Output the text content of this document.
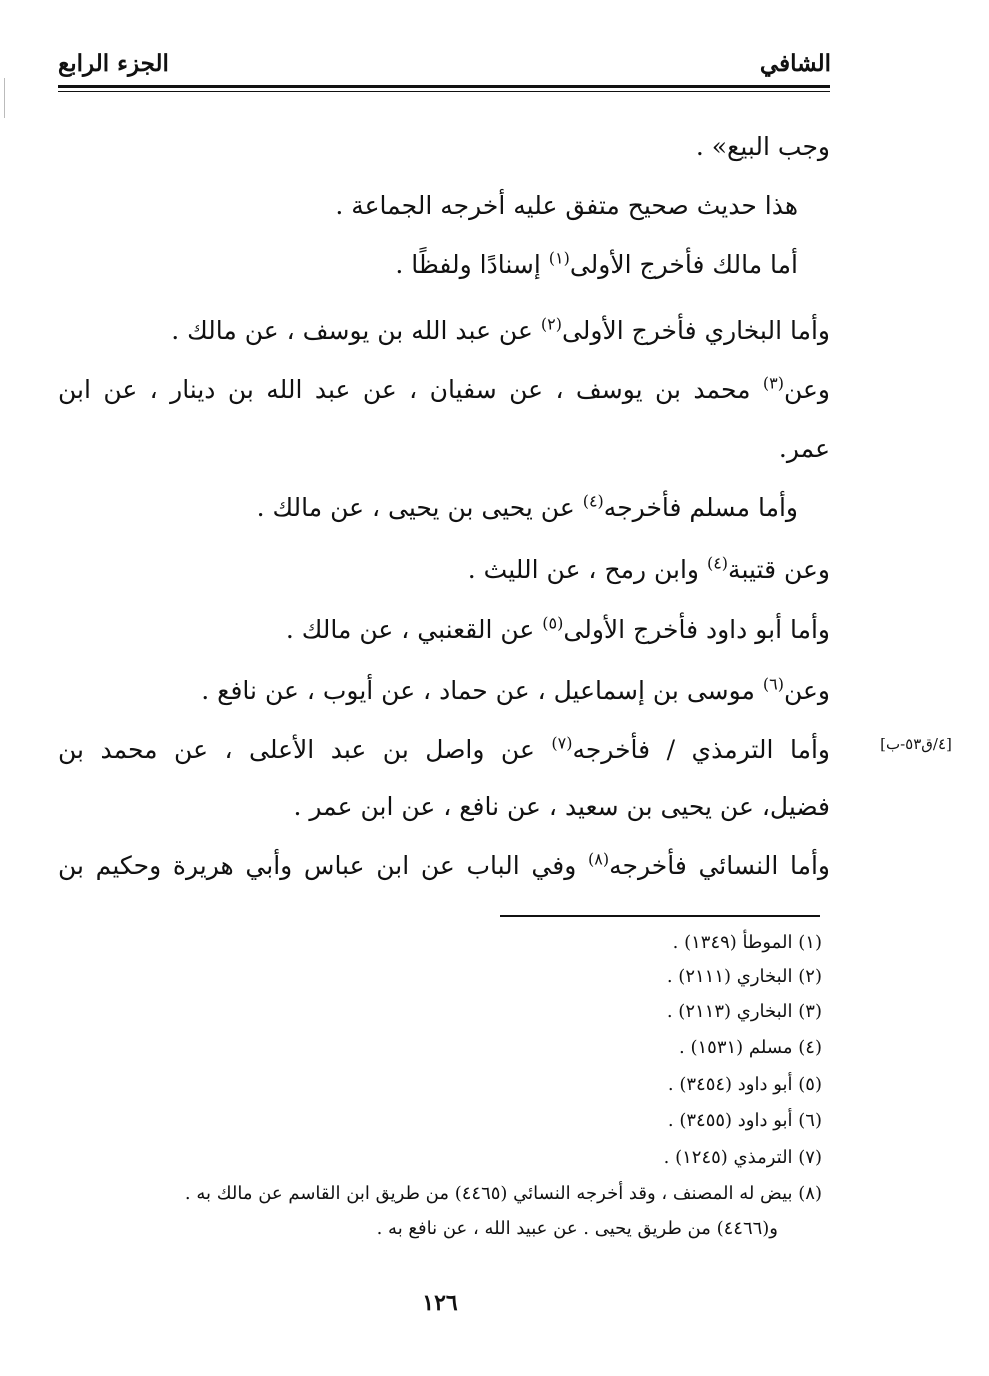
الشافي
الجزء الرابع
وجب البيع» .
هذا حديث صحيح متفق عليه أخرجه الجماعة .
أما مالك فأخرج الأولى$^{(١)}$ إسنادًا ولفظًا .
وأما البخاري فأخرج الأولى$^{(٢)}$ عن عبد الله بن يوسف ، عن مالك .
وعن$^{(٣)}$ محمد بن يوسف ، عن سفيان ، عن عبد الله بن دينار ، عن ابن
عمر.
وأما مسلم فأخرجه$^{(٤)}$ عن يحيى بن يحيى ، عن مالك .
وعن قتيبة$^{(٤)}$ وابن رمح ، عن الليث .
وأما أبو داود فأخرج الأولى$^{(٥)}$ عن القعنبي ، عن مالك .
وعن$^{(٦)}$ موسى بن إسماعيل ، عن حماد ، عن أيوب ، عن نافع .
وأما الترمذي / فأخرجه$^{(٧)}$ عن واصل بن عبد الأعلى ، عن محمد بن
فضيل، عن يحيى بن سعيد ، عن نافع ، عن ابن عمر .
وأما النسائي فأخرجه$^{(٨)}$ وفي الباب عن ابن عباس وأبي هريرة وحكيم بن
[٤/ق٥٣-ب]
(١) الموطأ (١٣٤٩) .
(٢) البخاري (٢١١١) .
(٣) البخاري (٢١١٣) .
(٤) مسلم (١٥٣١) .
(٥) أبو داود (٣٤٥٤) .
(٦) أبو داود (٣٤٥٥) .
(٧) الترمذي (١٢٤٥) .
(٨) بيض له المصنف ، وقد أخرجه النسائي (٤٤٦٥) من طريق ابن القاسم عن مالك به .
و(٤٤٦٦) من طريق يحيى . عن عبيد الله ، عن نافع به .
١٢٦
